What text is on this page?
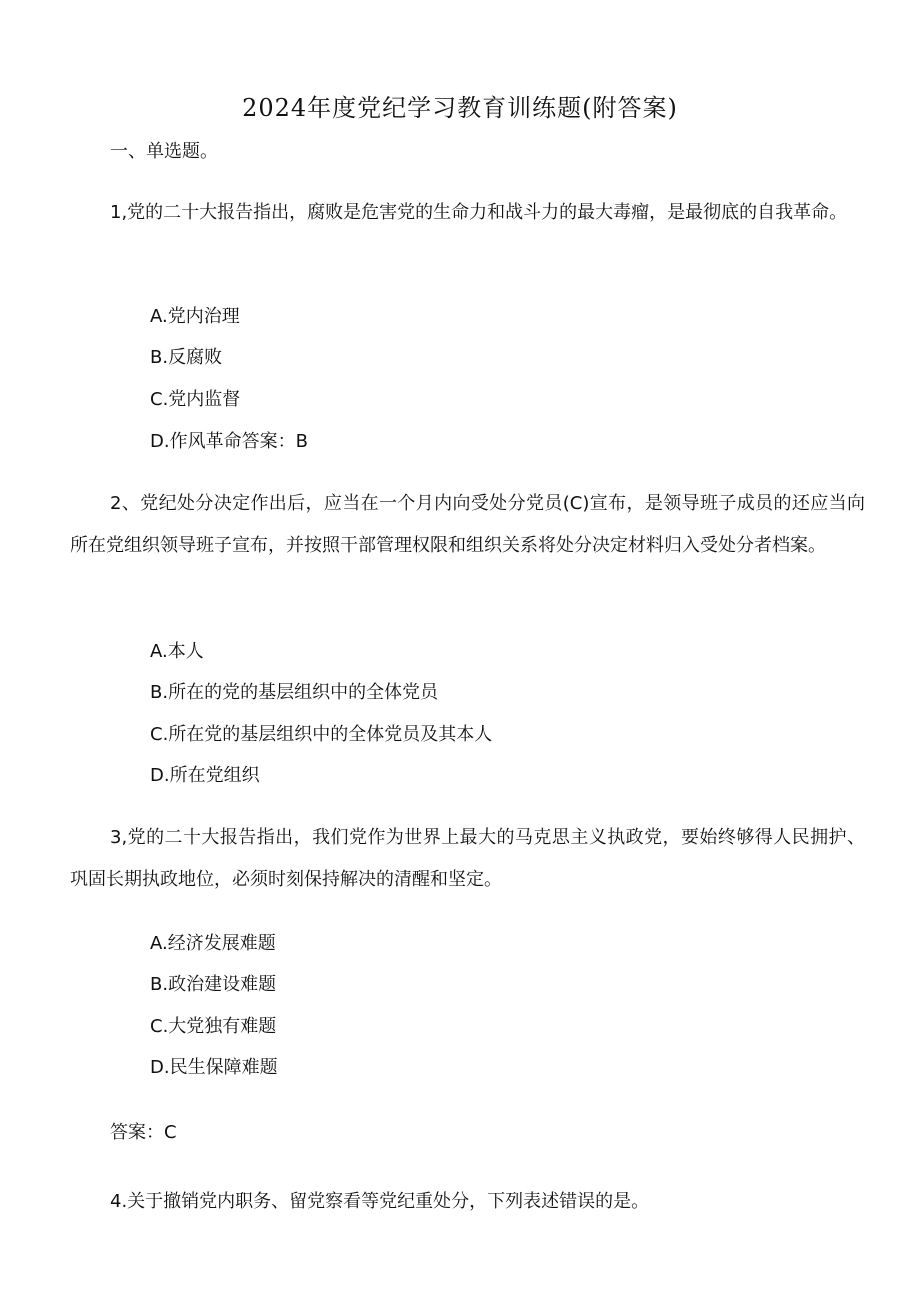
2024年度党纪学习教育训练题(附答案)
一、单选题。
1,党的二十大报告指出，腐败是危害党的生命力和战斗力的最大毒瘤，是最彻底的自我革命。
A.党内治理
B.反腐败
C.党内监督
D.作风革命答案：B
2、党纪处分决定作出后，应当在一个月内向受处分党员(C)宣布，是领导班子成员的还应当向所在党组织领导班子宣布，并按照干部管理权限和组织关系将处分决定材料归入受处分者档案。
A.本人
B.所在的党的基层组织中的全体党员
C.所在党的基层组织中的全体党员及其本人
D.所在党组织
3,党的二十大报告指出，我们党作为世界上最大的马克思主义执政党，要始终够得人民拥护、巩固长期执政地位，必须时刻保持解决的清醒和坚定。
A.经济发展难题
B.政治建设难题
C.大党独有难题
D.民生保障难题
答案：C
4.关于撤销党内职务、留党察看等党纪重处分，下列表述错误的是。
